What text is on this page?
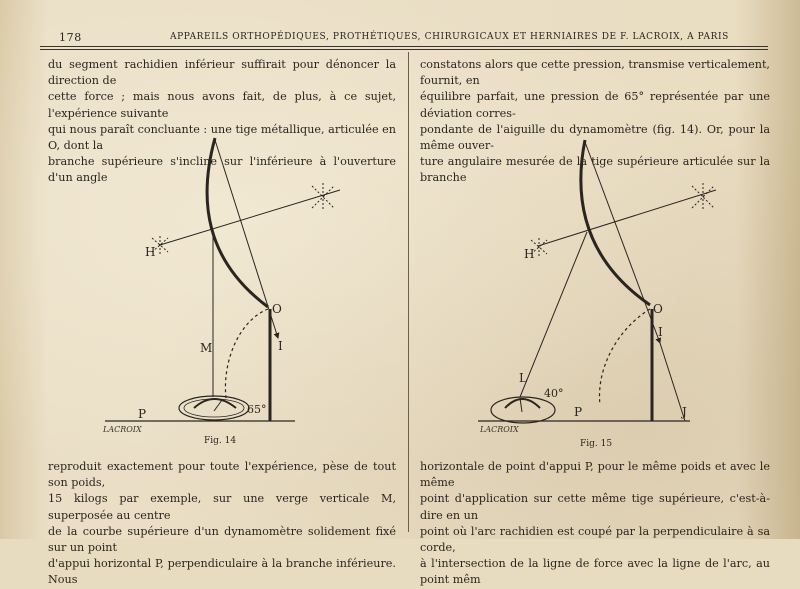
178	APPAREILS ORTHOPÉDIQUES, PROTHÉTIQUES, CHIRURGICAUX ET HERNIAIRES DE F. LACROIX, A PARIS

du segment rachidien inférieur suffirait pour dénoncer la direction de

cette force ; mais nous avons fait, de plus, à ce sujet, l'expérience suivante

qui nous paraît concluante : une tige métallique, articulée en O, dont la

branche supérieure s'incline sur l'inférieure à l'ouverture d'un angle

constatons alors que cette pression, transmise verticalement, fournit, en

équilibre parfait, une pression de 65° représentée par une déviation corres-

pondante de l'aiguille du dynamomètre (fig. 14). Or, pour la même ouver-

ture angulaire mesurée de la tige supérieure articulée sur la branche

reproduit exactement pour toute l'expérience, pèse de tout son poids,

15 kilogs par exemple, sur une verge verticale M, superposée au centre

de la courbe supérieure d'un dynamomètre solidement fixé sur un point

d'appui horizontal P, perpendiculaire à la branche inférieure. Nous

horizontale de point d'appui P, pour le même poids et avec le même

point d'application sur cette même tige supérieure, c'est-à-dire en un

point où l'arc rachidien est coupé par la perpendiculaire à sa corde,

à l'intersection de la ligne de force avec la ligne de l'arc, au point mêm

H
O
M	I
P	65°
LACROIX
Fig. 14
H
O
L
I
P	J
40°
LACROIX
Fig. 15
